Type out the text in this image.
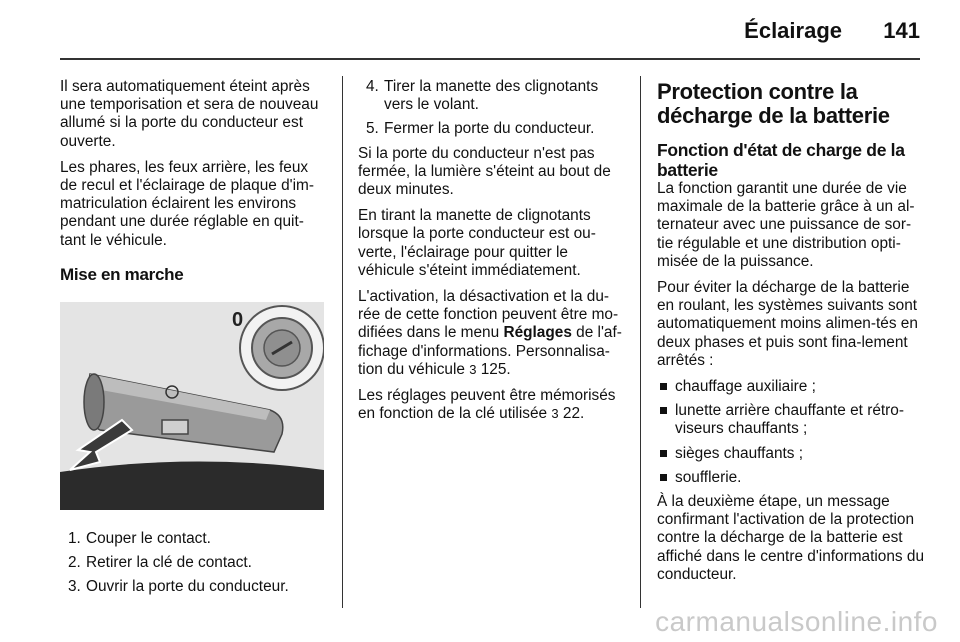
Éclairage 141

Il sera automatiquement éteint après une temporisation et sera de nouveau allumé si la porte du conducteur est ouverte.

Les phares, les feux arrière, les feux de recul et l'éclairage de plaque d'im-matriculation éclairent les environs pendant une durée réglable en quit-tant le véhicule.

Mise en marche
0
1. Couper le contact.
2. Retirer la clé de contact.
3. Ouvrir la porte du conducteur.
4. Tirer la manette des clignotants vers le volant.
5. Fermer la porte du conducteur.

Si la porte du conducteur n'est pas fermée, la lumière s'éteint au bout de deux minutes.

En tirant la manette de clignotants lorsque la porte conducteur est ou-verte, l'éclairage pour quitter le véhicule s'éteint immédiatement.

L'activation, la désactivation et la du-rée de cette fonction peuvent être mo-difiées dans le menu Réglages de l'af-fichage d'informations. Personnalisa-tion du véhicule 3 125.

Les réglages peuvent être mémorisés en fonction de la clé utilisée 3 22.

Protection contre la décharge de la batterie
Fonction d'état de charge de la batterie

La fonction garantit une durée de vie maximale de la batterie grâce à un al-ternateur avec une puissance de sor-tie régulable et une distribution opti-misée de la puissance.

Pour éviter la décharge de la batterie en roulant, les systèmes suivants sont automatiquement moins alimen-tés en deux phases et puis sont fina-lement arrêtés :

chauffage auxiliaire ;
lunette arrière chauffante et rétro-viseurs chauffants ;
sièges chauffants ;
soufflerie.

À la deuxième étape, un message confirmant l'activation de la protection contre la décharge de la batterie est affiché dans le centre d'informations du conducteur.

carmanualsonline.info
